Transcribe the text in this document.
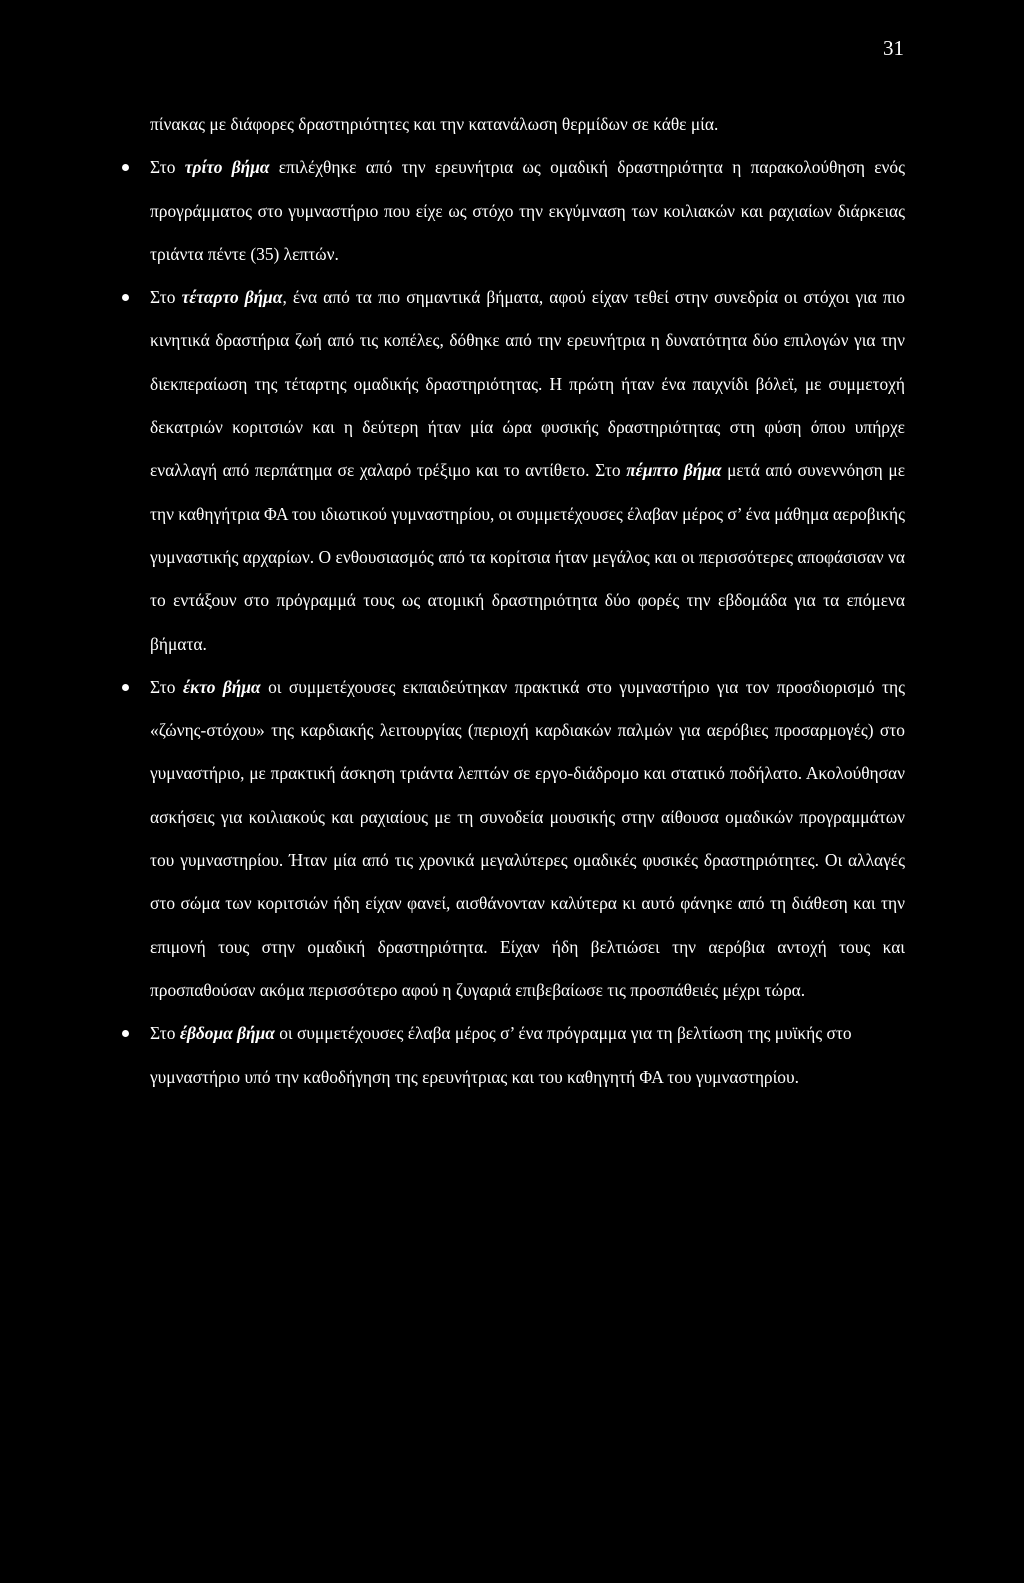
31

πίνακας με διάφορες δραστηριότητες και την κατανάλωση θερμίδων σε κάθε μία.

Στο τρίτο βήμα επιλέχθηκε από την ερευνήτρια ως ομαδική δραστηριότητα η παρακολούθηση ενός προγράμματος στο γυμναστήριο που είχε ως στόχο την εκγύμναση των κοιλιακών και ραχιαίων διάρκειας τριάντα πέντε (35) λεπτών.

Στο τέταρτο βήμα, ένα από τα πιο σημαντικά βήματα, αφού είχαν τεθεί στην συνεδρία οι στόχοι για πιο κινητικά δραστήρια ζωή από τις κοπέλες, δόθηκε από την ερευνήτρια η δυνατότητα δύο επιλογών για την διεκπεραίωση της τέταρτης ομαδικής δραστηριότητας. Η πρώτη ήταν ένα παιχνίδι βόλεϊ, με συμμετοχή δεκατριών κοριτσιών και η δεύτερη ήταν μία ώρα φυσικής δραστηριότητας στη φύση όπου υπήρχε εναλλαγή από περπάτημα σε χαλαρό τρέξιμο και το αντίθετο. Στο πέμπτο βήμα μετά από συνεννόηση με την καθηγήτρια ΦΑ του ιδιωτικού γυμναστηρίου, οι συμμετέχουσες έλαβαν μέρος σ’ ένα μάθημα αεροβικής γυμναστικής αρχαρίων. Ο ενθουσιασμός από τα κορίτσια ήταν μεγάλος και οι περισσότερες αποφάσισαν να το εντάξουν στο πρόγραμμά τους ως ατομική δραστηριότητα δύο φορές την εβδομάδα για τα επόμενα βήματα.

Στο έκτο βήμα οι συμμετέχουσες εκπαιδεύτηκαν πρακτικά στο γυμναστήριο για τον προσδιορισμό της «ζώνης-στόχου» της καρδιακής λειτουργίας (περιοχή καρδιακών παλμών για αερόβιες προσαρμογές) στο γυμναστήριο, με πρακτική άσκηση τριάντα λεπτών σε εργο-διάδρομο και στατικό ποδήλατο. Ακολούθησαν ασκήσεις για κοιλιακούς και ραχιαίους με τη συνοδεία μουσικής στην αίθουσα ομαδικών προγραμμάτων του γυμναστηρίου. Ήταν μία από τις χρονικά μεγαλύτερες ομαδικές φυσικές δραστηριότητες. Οι αλλαγές στο σώμα των κοριτσιών ήδη είχαν φανεί, αισθάνονταν καλύτερα κι αυτό φάνηκε από τη διάθεση και την επιμονή τους στην ομαδική δραστηριότητα. Είχαν ήδη βελτιώσει την αερόβια αντοχή τους και προσπαθούσαν ακόμα περισσότερο αφού η ζυγαριά επιβεβαίωσε τις προσπάθειές μέχρι τώρα.

Στο έβδομα βήμα οι συμμετέχουσες έλαβα μέρος σ’ ένα πρόγραμμα για τη βελτίωση της μυϊκής στο γυμναστήριο υπό την καθοδήγηση της ερευνήτριας και του καθηγητή ΦΑ του γυμναστηρίου.
